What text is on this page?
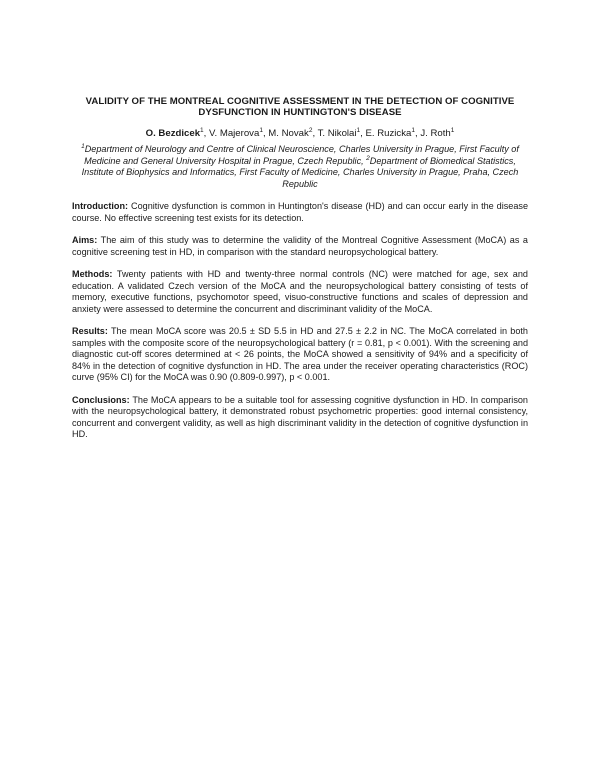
VALIDITY OF THE MONTREAL COGNITIVE ASSESSMENT IN THE DETECTION OF COGNITIVE
DYSFUNCTION IN HUNTINGTON'S DISEASE
O. Bezdicek$^1$, V. Majerova$^1$, M. Novak$^2$, T. Nikolai$^1$, E. Ruzicka$^1$, J. Roth$^1$
$^1$Department of Neurology and Centre of Clinical Neuroscience, Charles University in Prague, First Faculty of Medicine and General University Hospital in Prague, Czech Republic, $^2$Department of Biomedical Statistics, Institute of Biophysics and Informatics, First Faculty of Medicine, Charles University in Prague, Praha, Czech Republic

Introduction: Cognitive dysfunction is common in Huntington's disease (HD) and can occur early in the disease course. No effective screening test exists for its detection.

Aims: The aim of this study was to determine the validity of the Montreal Cognitive Assessment (MoCA) as a cognitive screening test in HD, in comparison with the standard neuropsychological battery.

Methods: Twenty patients with HD and twenty-three normal controls (NC) were matched for age, sex and education. A validated Czech version of the MoCA and the neuropsychological battery consisting of tests of memory, executive functions, psychomotor speed, visuo-constructive functions and scales of depression and anxiety were assessed to determine the concurrent and discriminant validity of the MoCA.

Results: The mean MoCA score was 20.5 ± SD 5.5 in HD and 27.5 ± 2.2 in NC. The MoCA correlated in both samples with the composite score of the neuropsychological battery (r = 0.81, p < 0.001). With the screening and diagnostic cut-off scores determined at < 26 points, the MoCA showed a sensitivity of 94% and a specificity of 84% in the detection of cognitive dysfunction in HD. The area under the receiver operating characteristics (ROC) curve (95% CI) for the MoCA was 0.90 (0.809-0.997), p < 0.001.

Conclusions: The MoCA appears to be a suitable tool for assessing cognitive dysfunction in HD. In comparison with the neuropsychological battery, it demonstrated robust psychometric properties: good internal consistency, concurrent and convergent validity, as well as high discriminant validity in the detection of cognitive dysfunction in HD.
